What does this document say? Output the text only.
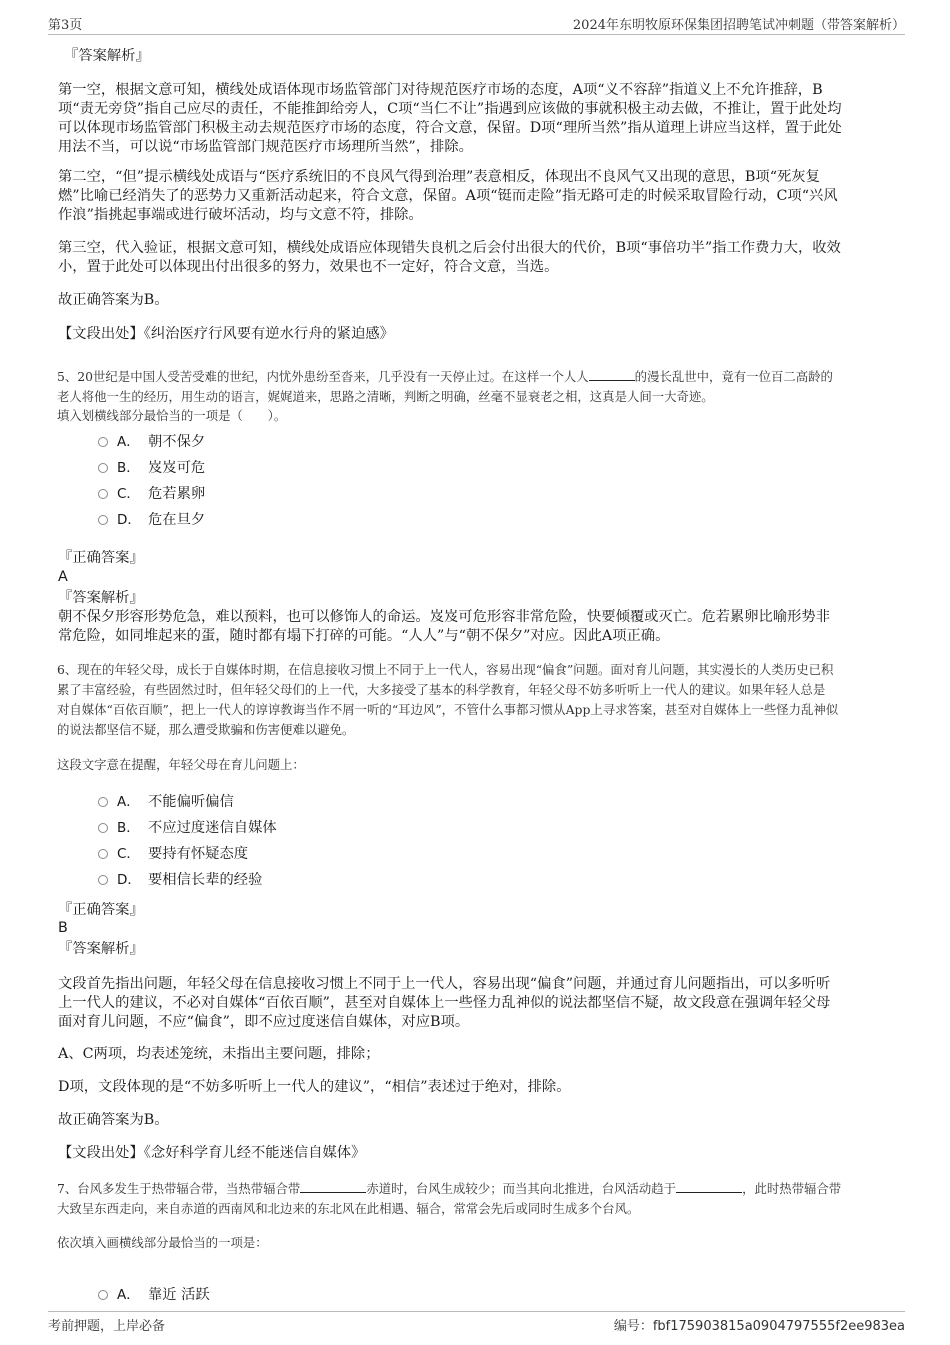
第3页	2024年东明牧原环保集团招聘笔试冲刺题（带答案解析）
『答案解析』
第一空，根据文意可知，横线处成语体现市场监管部门对待规范医疗市场的态度，A项“义不容辞”指道义上不允许推辞，B
项“责无旁贷”指自己应尽的责任，不能推卸给旁人，C项“当仁不让”指遇到应该做的事就积极主动去做，不推让，置于此处均
可以体现市场监管部门积极主动去规范医疗市场的态度，符合文意，保留。D项“理所当然”指从道理上讲应当这样，置于此处
用法不当，可以说“市场监管部门规范医疗市场理所当然”，排除。
第二空，“但”提示横线处成语与“医疗系统旧的不良风气得到治理”表意相反，体现出不良风气又出现的意思，B项“死灰复
燃”比喻已经消失了的恶势力又重新活动起来，符合文意，保留。A项“铤而走险”指无路可走的时候采取冒险行动，C项“兴风
作浪”指挑起事端或进行破坏活动，均与文意不符，排除。
第三空，代入验证，根据文意可知，横线处成语应体现错失良机之后会付出很大的代价，B项“事倍功半”指工作费力大，收效
小，置于此处可以体现出付出很多的努力，效果也不一定好，符合文意，当选。
故正确答案为B。
【文段出处】《纠治医疗行风要有逆水行舟的紧迫感》
5、20世纪是中国人受苦受难的世纪，内忧外患纷至沓来，几乎没有一天停止过。在这样一个人人	的漫长乱世中，竟有一位百二高龄的
老人将他一生的经历，用生动的语言，娓娓道来，思路之清晰，判断之明确，丝毫不显衰老之相，这真是人间一大奇迹。
填入划横线部分最恰当的一项是（　　）。
A． 朝不保夕
B． 岌岌可危
C． 危若累卵
D． 危在旦夕
『正确答案』
A
『答案解析』
朝不保夕形容形势危急，难以预料，也可以修饰人的命运。岌岌可危形容非常危险，快要倾覆或灭亡。危若累卵比喻形势非
常危险，如同堆起来的蛋，随时都有塌下打碎的可能。“人人”与“朝不保夕”对应。因此A项正确。
6、现在的年轻父母，成长于自媒体时期，在信息接收习惯上不同于上一代人，容易出现“偏食”问题。面对育儿问题，其实漫长的人类历史已积
累了丰富经验，有些固然过时，但年轻父母们的上一代，大多接受了基本的科学教育，年轻父母不妨多听听上一代人的建议。如果年轻人总是
对自媒体“百依百顺”，把上一代人的谆谆教诲当作不屑一听的“耳边风”，不管什么事都习惯从App上寻求答案，甚至对自媒体上一些怪力乱神似
的说法都坚信不疑，那么遭受欺骗和伤害便难以避免。
这段文字意在提醒，年轻父母在育儿问题上：
A． 不能偏听偏信
B． 不应过度迷信自媒体
C． 要持有怀疑态度
D． 要相信长辈的经验
『正确答案』
B
『答案解析』
文段首先指出问题，年轻父母在信息接收习惯上不同于上一代人，容易出现“偏食”问题，并通过育儿问题指出，可以多听听
上一代人的建议，不必对自媒体“百依百顺”，甚至对自媒体上一些怪力乱神似的说法都坚信不疑，故文段意在强调年轻父母
面对育儿问题，不应“偏食”，即不应过度迷信自媒体，对应B项。
A、C两项，均表述笼统，未指出主要问题，排除；
D项，文段体现的是“不妨多听听上一代人的建议”，“相信”表述过于绝对，排除。
故正确答案为B。
【文段出处】《念好科学育儿经不能迷信自媒体》
7、台风多发生于热带辐合带，当热带辐合带	赤道时，台风生成较少；而当其向北推进，台风活动趋于	，此时热带辐合带
大致呈东西走向，来自赤道的西南风和北边来的东北风在此相遇、辐合，常常会先后或同时生成多个台风。
依次填入画横线部分最恰当的一项是：
A． 靠近 活跃
考前押题，上岸必备	编号：fbf175903815a0904797555f2ee983ea
